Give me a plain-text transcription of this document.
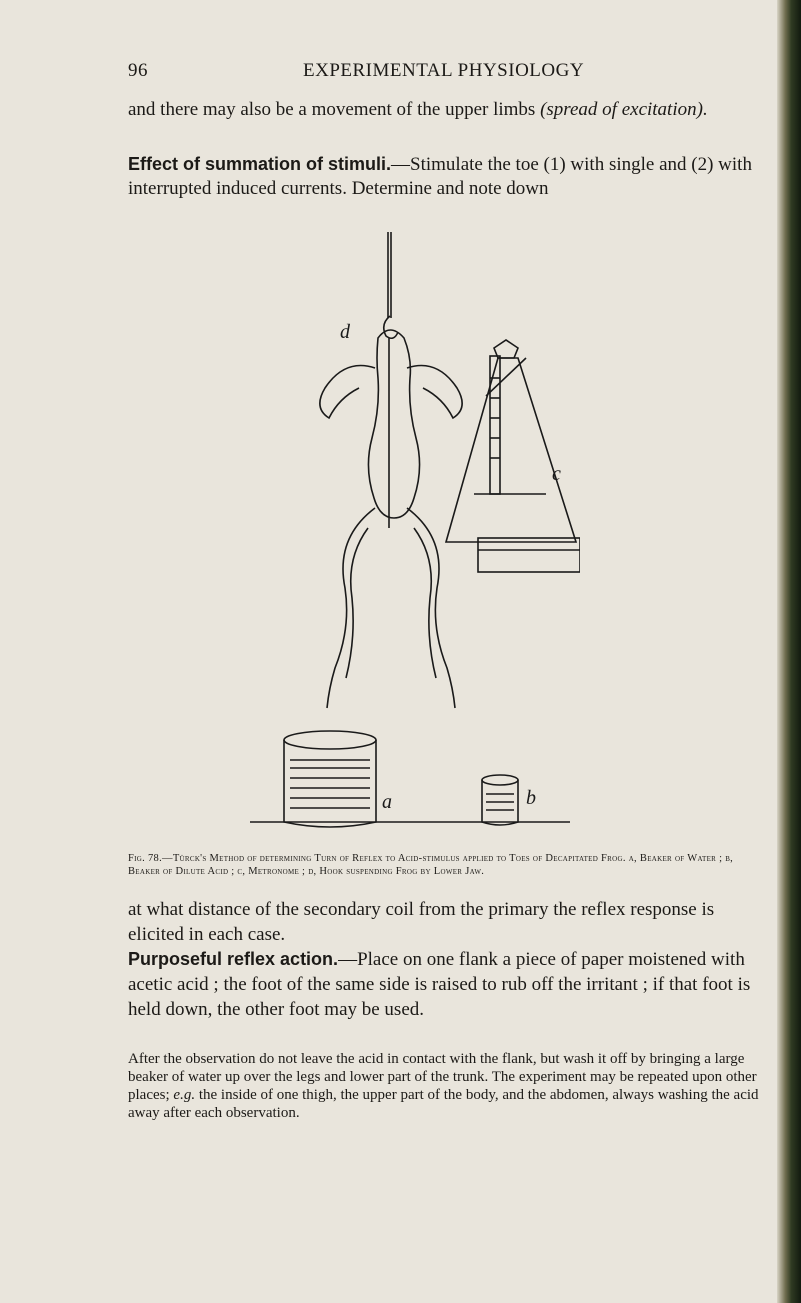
96	EXPERIMENTAL PHYSIOLOGY
and there may also be a movement of the upper limbs (spread of excitation).
Effect of summation of stimuli.—Stimulate the toe (1) with single and (2) with interrupted induced currents. Determine and note down
d
a	b
c
Fig. 78.—Türck's Method of determining Turn of Reflex to Acid-stimulus applied to Toes of Decapitated Frog. a, Beaker of Water ; b, Beaker of Dilute Acid ; c, Metronome ; d, Hook suspending Frog by Lower Jaw.
at what distance of the secondary coil from the primary the reflex response is elicited in each case.
Purposeful reflex action.—Place on one flank a piece of paper moistened with acetic acid ; the foot of the same side is raised to rub off the irritant ; if that foot is held down, the other foot may be used.
After the observation do not leave the acid in contact with the flank, but wash it off by bringing a large beaker of water up over the legs and lower part of the trunk. The experiment may be repeated upon other places; e.g. the inside of one thigh, the upper part of the body, and the abdomen, always washing the acid away after each observation.
